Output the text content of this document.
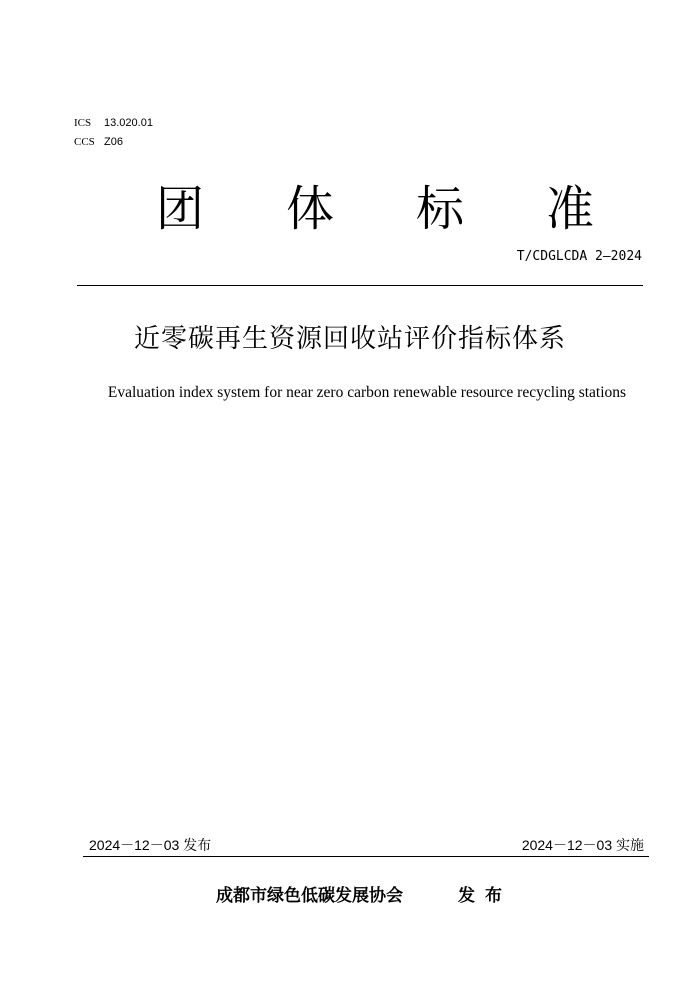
ICS 13.020.01
CCS Z06
团 体 标 准
T/CDGLCDA 2—2024
近零碳再生资源回收站评价指标体系
Evaluation index system for near zero carbon renewable resource recycling stations
2024－12－03 发布	2024－12－03 实施
成都市绿色低碳发展协会	发布
